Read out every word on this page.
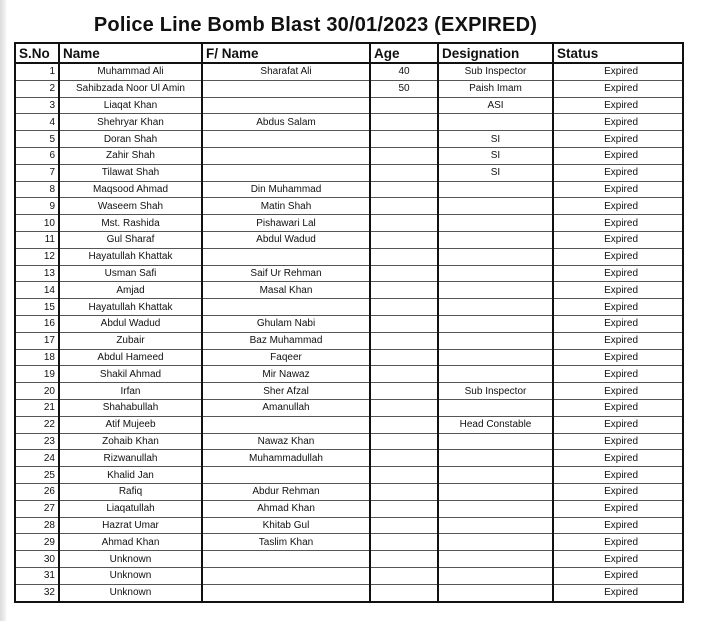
Police Line Bomb Blast 30/01/2023 (EXPIRED)
S.No	Name	F/ Name	Age	Designation	Status
1	Muhammad Ali	Sharafat Ali	40	Sub Inspector	Expired
2	Sahibzada Noor Ul Amin		50	Paish Imam	Expired
3	Liaqat Khan			ASI	Expired
4	Shehryar Khan	Abdus Salam			Expired
5	Doran Shah			SI	Expired
6	Zahir Shah			SI	Expired
7	Tilawat Shah			SI	Expired
8	Maqsood Ahmad	Din Muhammad			Expired
9	Waseem Shah	Matin Shah			Expired
10	Mst. Rashida	Pishawari Lal			Expired
11	Gul Sharaf	Abdul Wadud			Expired
12	Hayatullah Khattak				Expired
13	Usman Safi	Saif Ur Rehman			Expired
14	Amjad	Masal Khan			Expired
15	Hayatullah Khattak				Expired
16	Abdul Wadud	Ghulam Nabi			Expired
17	Zubair	Baz Muhammad			Expired
18	Abdul Hameed	Faqeer			Expired
19	Shakil Ahmad	Mir Nawaz			Expired
20	Irfan	Sher Afzal		Sub Inspector	Expired
21	Shahabullah	Amanullah			Expired
22	Atif Mujeeb			Head Constable	Expired
23	Zohaib Khan	Nawaz Khan			Expired
24	Rizwanullah	Muhammadullah			Expired
25	Khalid Jan				Expired
26	Rafiq	Abdur Rehman			Expired
27	Liaqatullah	Ahmad Khan			Expired
28	Hazrat Umar	Khitab Gul			Expired
29	Ahmad Khan	Taslim Khan			Expired
30	Unknown				Expired
31	Unknown				Expired
32	Unknown				Expired
